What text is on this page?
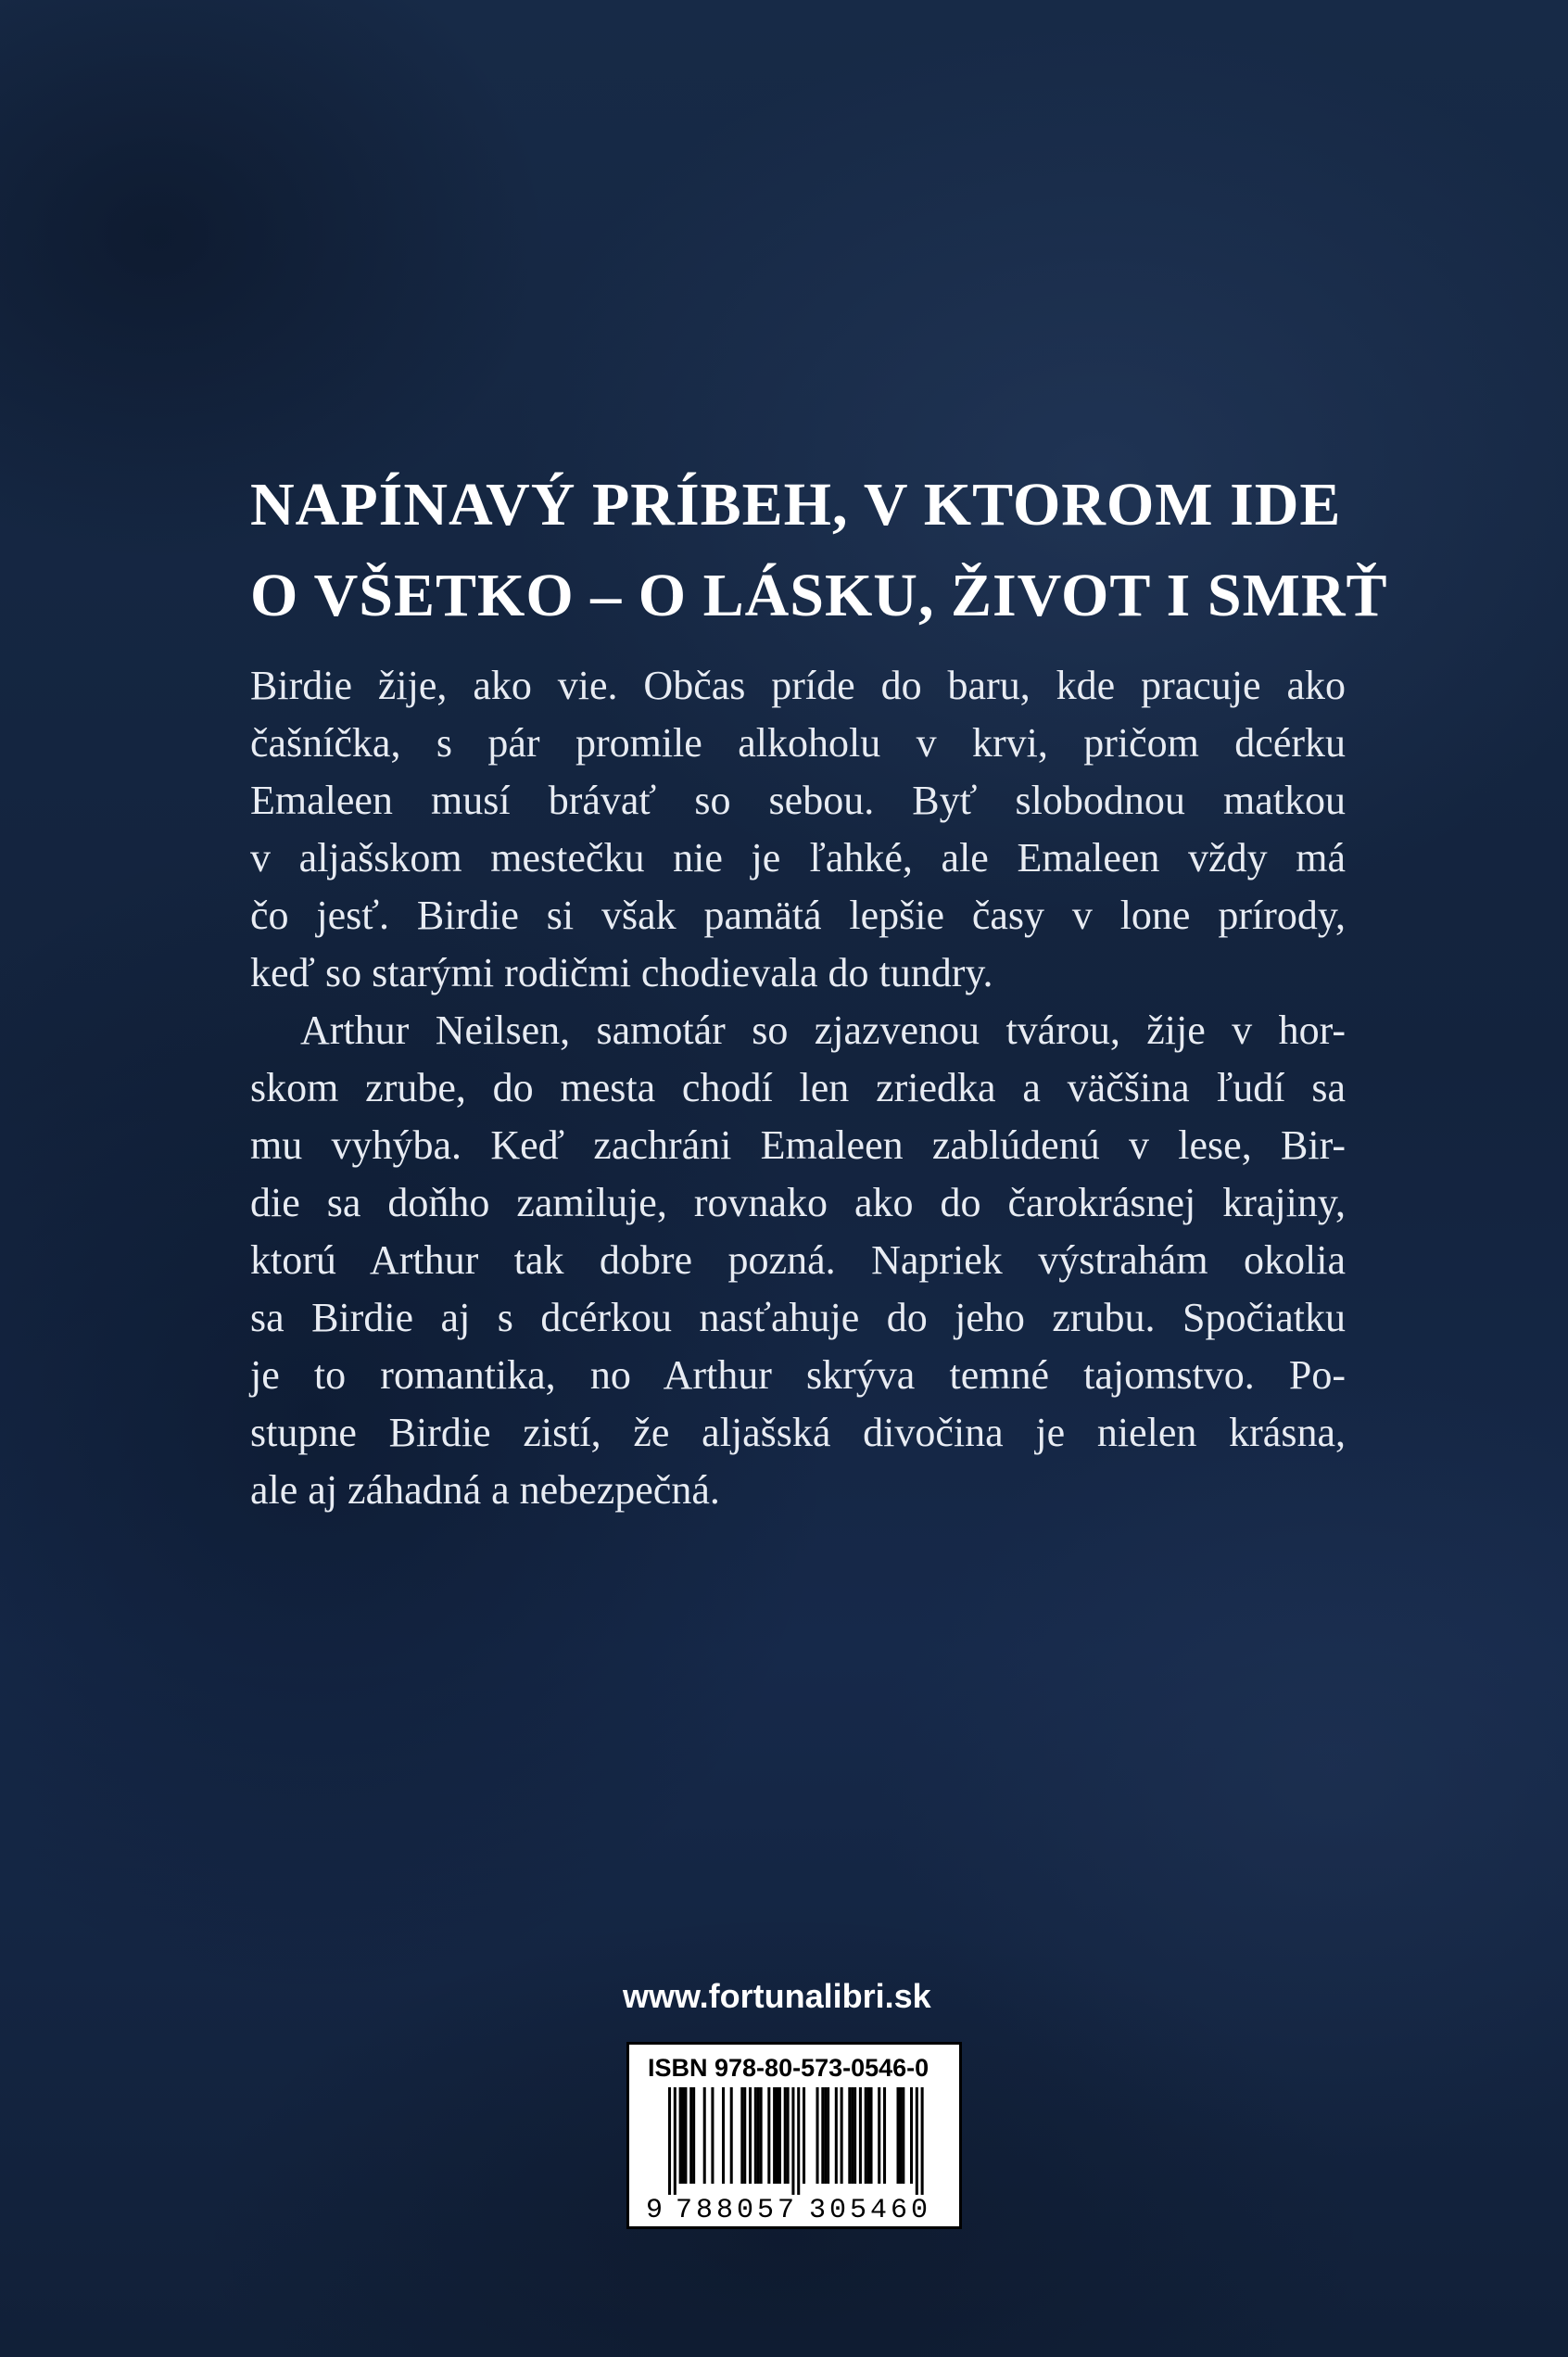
NAPÍNAVÝ PRÍBEH, V KTOROM IDE
O VŠETKO – O LÁSKU, ŽIVOT I SMRŤ
Birdie žije, ako vie. Občas príde do baru, kde pracuje ako
čašníčka, s pár promile alkoholu v krvi, pričom dcérku
Emaleen musí brávať so sebou. Byť slobodnou matkou
v aljašskom mestečku nie je ľahké, ale Emaleen vždy má
čo jesť. Birdie si však pamätá lepšie časy v lone prírody,
keď so starými rodičmi chodievala do tundry.
Arthur Neilsen, samotár so zjazvenou tvárou, žije v hor-
skom zrube, do mesta chodí len zriedka a väčšina ľudí sa
mu vyhýba. Keď zachráni Emaleen zablúdenú v lese, Bir-
die sa doňho zamiluje, rovnako ako do čarokrásnej krajiny,
ktorú Arthur tak dobre pozná. Napriek výstrahám okolia
sa Birdie aj s dcérkou nasťahuje do jeho zrubu. Spočiatku
je to romantika, no Arthur skrýva temné tajomstvo. Po-
stupne Birdie zistí, že aljašská divočina je nielen krásna,
ale aj záhadná a nebezpečná.
www.fortunalibri.sk
ISBN 978-80-573-0546-0
9 788057 305460
